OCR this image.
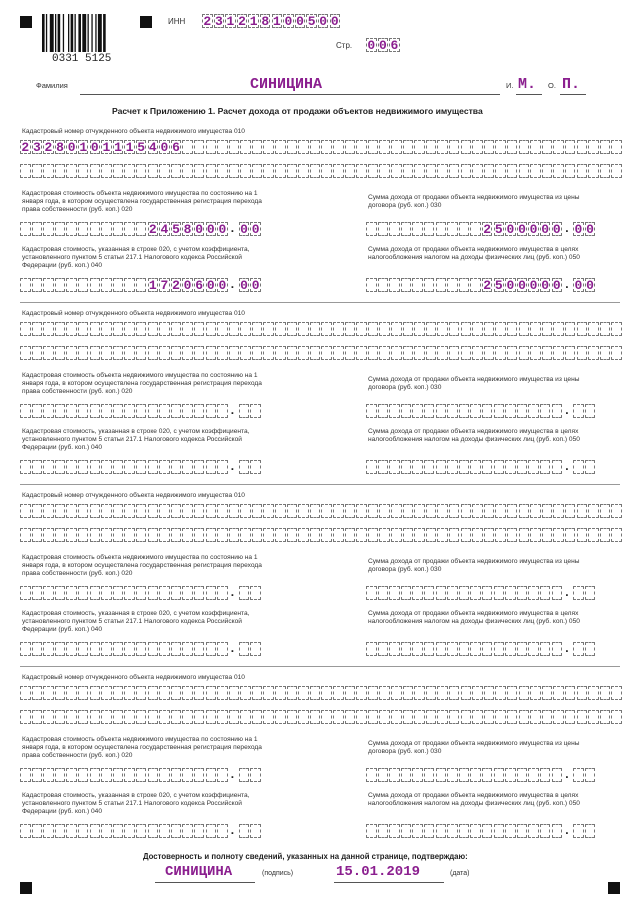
0331 5125
ИНН 2 3 1 2 1 8 1 0 0 5 0 0
Стр. 0 0 6
Фамилия	СИНИЦИНА	И. М. О. П.
Расчет к Приложению 1. Расчет дохода от продажи объектов недвижимого имущества
Кадастровый номер отчужденного объекта недвижимого имущества 010
2 3 2 8 0 1 0 1 1 1 5 4 0 6
Кадастровая стоимость объекта недвижимого имущества по состоянию на 1 января года, в котором осуществлена государственная регистрация перехода права собственности (руб. коп.) 020
Сумма дохода от продажи объекта недвижимого имущества из цены договора (руб. коп.) 030
2 4 5 8 0 0 0 . 0 0	2 5 0 0 0 0 0 . 0 0
Кадастровая стоимость, указанная в строке 020, с учетом коэффициента, установленного пунктом 5 статьи 217.1 Налогового кодекса Российской Федерации (руб. коп.) 040
Сумма дохода от продажи объекта недвижимого имущества в целях налогообложения налогом на доходы физических лиц (руб. коп.) 050
1 7 2 0 6 0 0 . 0 0	2 5 0 0 0 0 0 . 0 0
Кадастровый номер отчужденного объекта недвижимого имущества 010
Кадастровая стоимость объекта недвижимого имущества по состоянию на 1 января года, в котором осуществлена государственная регистрация перехода права собственности (руб. коп.) 020
Сумма дохода от продажи объекта недвижимого имущества из цены договора (руб. коп.) 030
.	.
Кадастровая стоимость, указанная в строке 020, с учетом коэффициента, установленного пунктом 5 статьи 217.1 Налогового кодекса Российской Федерации (руб. коп.) 040
Сумма дохода от продажи объекта недвижимого имущества в целях налогообложения налогом на доходы физических лиц (руб. коп.) 050
.	.
Кадастровый номер отчужденного объекта недвижимого имущества 010
Кадастровая стоимость объекта недвижимого имущества по состоянию на 1 января года, в котором осуществлена государственная регистрация перехода права собственности (руб. коп.) 020
Сумма дохода от продажи объекта недвижимого имущества из цены договора (руб. коп.) 030
.	.
Кадастровая стоимость, указанная в строке 020, с учетом коэффициента, установленного пунктом 5 статьи 217.1 Налогового кодекса Российской Федерации (руб. коп.) 040
Сумма дохода от продажи объекта недвижимого имущества в целях налогообложения налогом на доходы физических лиц (руб. коп.) 050
.	.
Кадастровый номер отчужденного объекта недвижимого имущества 010
Кадастровая стоимость объекта недвижимого имущества по состоянию на 1 января года, в котором осуществлена государственная регистрация перехода права собственности (руб. коп.) 020
Сумма дохода от продажи объекта недвижимого имущества из цены договора (руб. коп.) 030
.	.
Кадастровая стоимость, указанная в строке 020, с учетом коэффициента, установленного пунктом 5 статьи 217.1 Налогового кодекса Российской Федерации (руб. коп.) 040
Сумма дохода от продажи объекта недвижимого имущества в целях налогообложения налогом на доходы физических лиц (руб. коп.) 050
.	.
Достоверность и полноту сведений, указанных на данной странице, подтверждаю:
СИНИЦИНА	(подпись)	15.01.2019	(дата)
